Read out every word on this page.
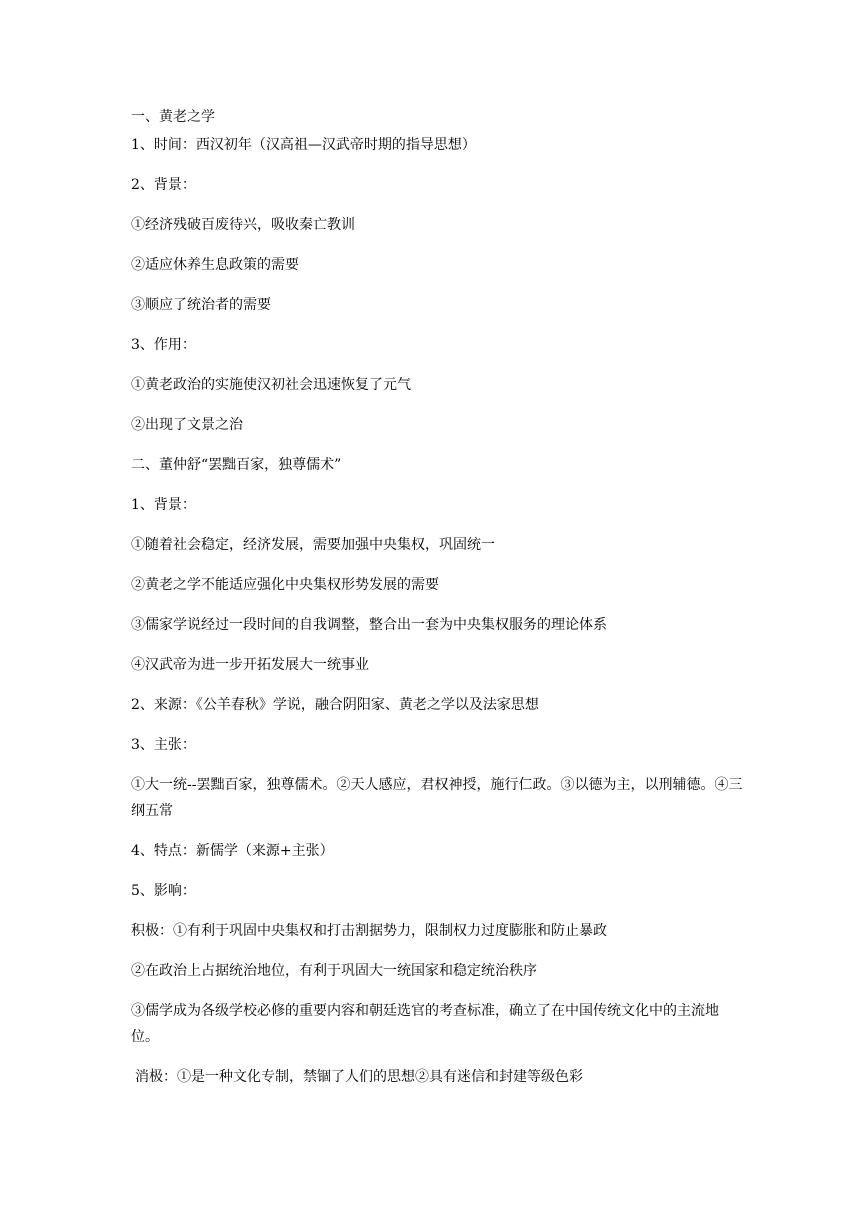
一、黄老之学

1、时间：西汉初年（汉高祖—汉武帝时期的指导思想）

2、背景：

①经济残破百废待兴，吸收秦亡教训

②适应休养生息政策的需要

③顺应了统治者的需要

3、作用：

①黄老政治的实施使汉初社会迅速恢复了元气

②出现了文景之治

二、董仲舒“罢黜百家，独尊儒术”

1、背景：

①随着社会稳定，经济发展，需要加强中央集权，巩固统一

②黄老之学不能适应强化中央集权形势发展的需要

③儒家学说经过一段时间的自我调整，整合出一套为中央集权服务的理论体系

④汉武帝为进一步开拓发展大一统事业

2、来源：《公羊春秋》学说，融合阴阳家、黄老之学以及法家思想

3、主张：

①大一统--罢黜百家，独尊儒术。②天人感应，君权神授，施行仁政。③以德为主，以刑辅德。④三纲五常

4、特点：新儒学（来源+主张）

5、影响：

积极：①有利于巩固中央集权和打击割据势力，限制权力过度膨胀和防止暴政

②在政治上占据统治地位，有利于巩固大一统国家和稳定统治秩序

③儒学成为各级学校必修的重要内容和朝廷选官的考查标准，确立了在中国传统文化中的主流地位。

消极：①是一种文化专制，禁锢了人们的思想②具有迷信和封建等级色彩
